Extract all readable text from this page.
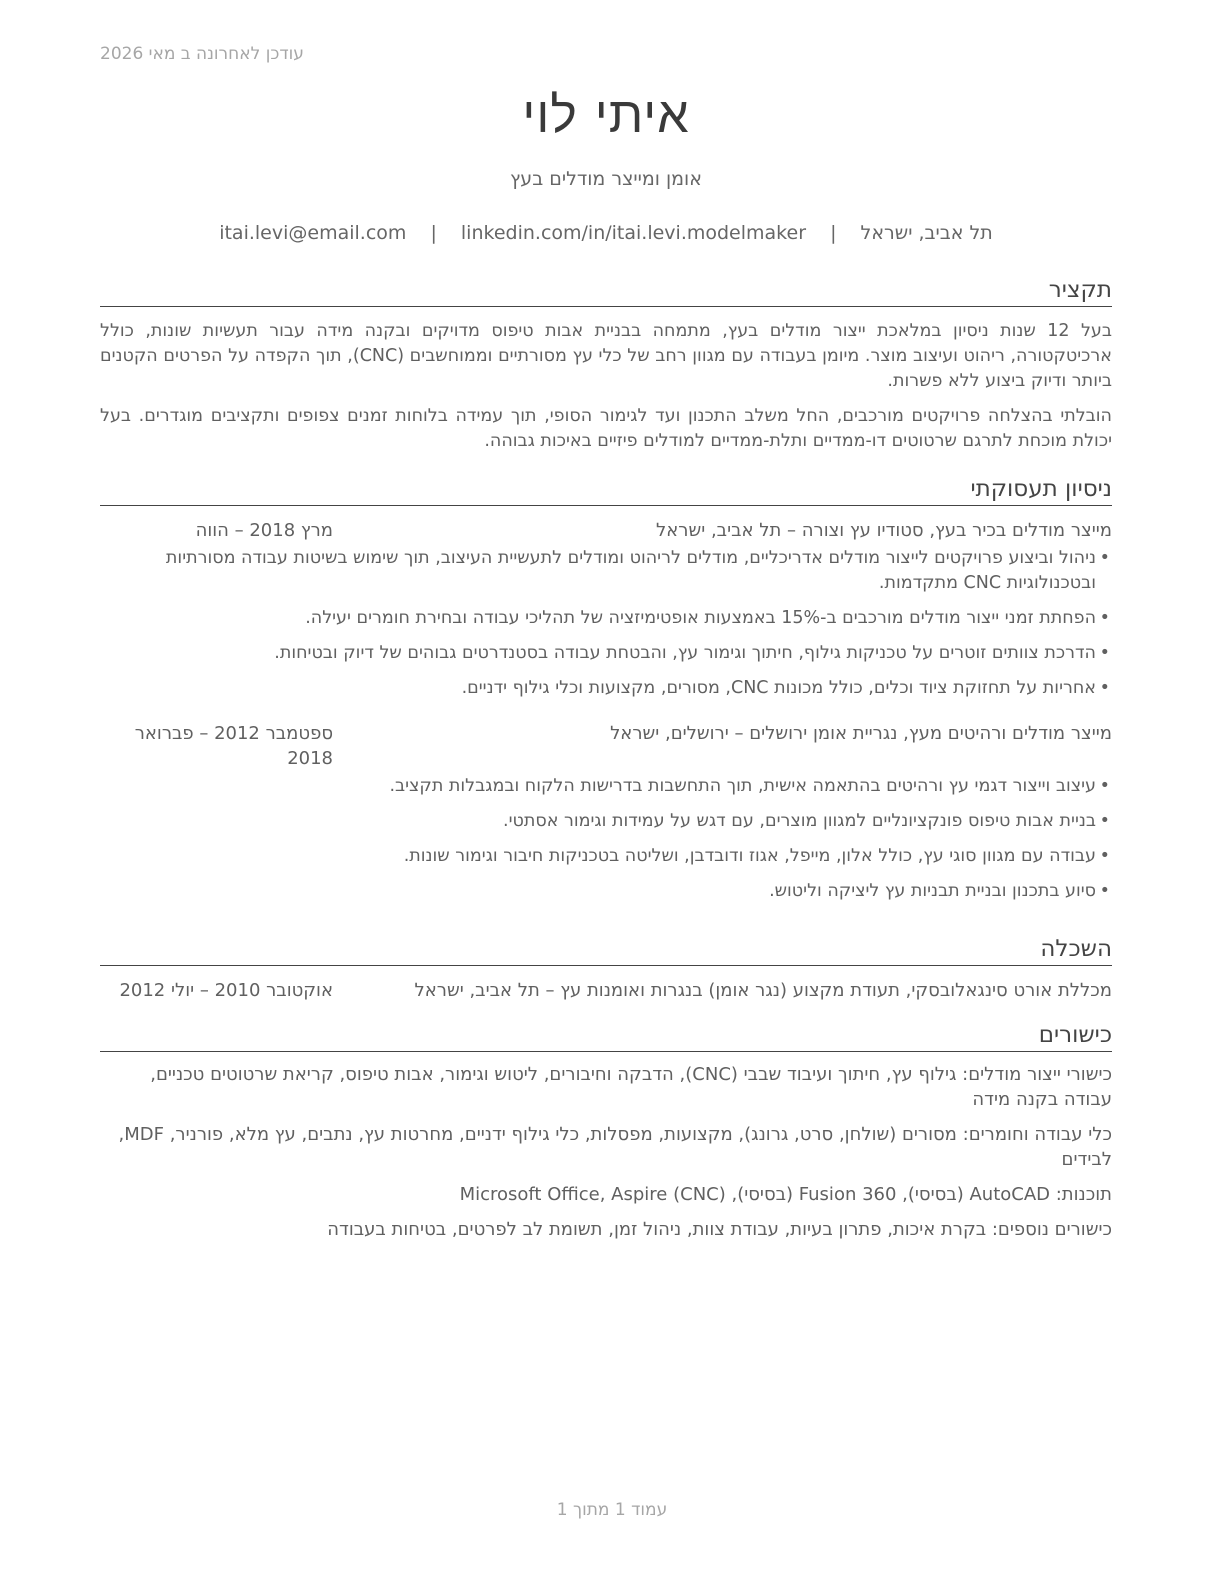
עודכן לאחרונה ב מאי 2026
איתי לוי
אומן ומייצר מודלים בעץ
תל אביב, ישראל | itai.levi@email.com | linkedin.com/in/itai.levi.modelmaker
תקציר
בעל 12 שנות ניסיון במלאכת ייצור מודלים בעץ, מתמחה בבניית אבות טיפוס מדויקים ובקנה מידה עבור תעשיות שונות, כולל ארכיטקטורה, ריהוט ועיצוב מוצר. מיומן בעבודה עם מגוון רחב של כלי עץ מסורתיים וממוחשבים (CNC), תוך הקפדה על הפרטים הקטנים ביותר ודיוק ביצוע ללא פשרות.
הובלתי בהצלחה פרויקטים מורכבים, החל משלב התכנון ועד לגימור הסופי, תוך עמידה בלוחות זמנים צפופים ותקציבים מוגדרים. בעל יכולת מוכחת לתרגם שרטוטים דו-ממדיים ותלת-ממדיים למודלים פיזיים באיכות גבוהה.
ניסיון תעסוקתי
מייצר מודלים בכיר בעץ, סטודיו עץ וצורה – תל אביב, ישראל
מרץ 2018 – הווה
• ניהול וביצוע פרויקטים לייצור מודלים אדריכליים, מודלים לריהוט ומודלים לתעשיית העיצוב, תוך שימוש בשיטות עבודה מסורתיות ובטכנולוגיות CNC מתקדמות.
• הפחתת זמני ייצור מודלים מורכבים ב-15% באמצעות אופטימיזציה של תהליכי עבודה ובחירת חומרים יעילה.
• הדרכת צוותים זוטרים על טכניקות גילוף, חיתוך וגימור עץ, והבטחת עבודה בסטנדרטים גבוהים של דיוק ובטיחות.
• אחריות על תחזוקת ציוד וכלים, כולל מכונות CNC, מסורים, מקצועות וכלי גילוף ידניים.
מייצר מודלים ורהיטים מעץ, נגריית אומן ירושלים – ירושלים, ישראל
ספטמבר 2012 – פברואר 2018
• עיצוב וייצור דגמי עץ ורהיטים בהתאמה אישית, תוך התחשבות בדרישות הלקוח ובמגבלות תקציב.
• בניית אבות טיפוס פונקציונליים למגוון מוצרים, עם דגש על עמידות וגימור אסתטי.
• עבודה עם מגוון סוגי עץ, כולל אלון, מייפל, אגוז ודובדבן, ושליטה בטכניקות חיבור וגימור שונות.
• סיוע בתכנון ובניית תבניות עץ ליציקה וליטוש.
השכלה
מכללת אורט סינגאלובסקי, תעודת מקצוע (נגר אומן) בנגרות ואומנות עץ – תל אביב, ישראל
אוקטובר 2010 – יולי 2012
כישורים
כישורי ייצור מודלים: גילוף עץ, חיתוך ועיבוד שבבי (CNC), הדבקה וחיבורים, ליטוש וגימור, אבות טיפוס, קריאת שרטוטים טכניים, עבודה בקנה מידה
כלי עבודה וחומרים: מסורים (שולחן, סרט, גרונג), מקצועות, מפסלות, כלי גילוף ידניים, מחרטות עץ, נתבים, עץ מלא, פורניר, MDF, לבידים
תוכנות: AutoCAD (בסיסי), Fusion 360 (בסיסי), Microsoft Office, Aspire (CNC)
כישורים נוספים: בקרת איכות, פתרון בעיות, עבודת צוות, ניהול זמן, תשומת לב לפרטים, בטיחות בעבודה
עמוד 1 מתוך 1
